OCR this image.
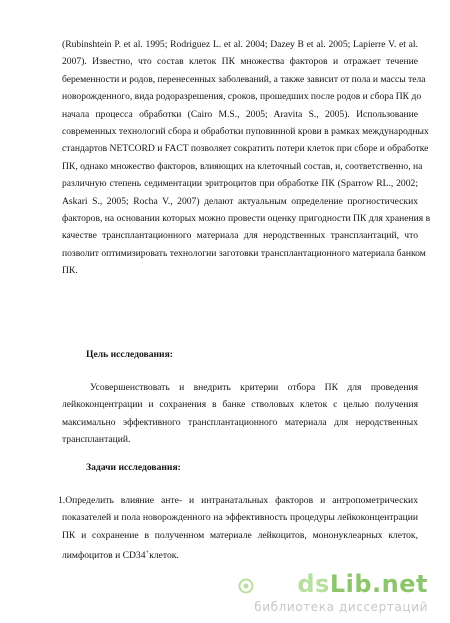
(Rubinshtein P. et al. 1995; Rodriguez L. et al. 2004; Dazey B et al. 2005; Lapierre V. et al.
2007). Известно, что состав клеток ПК множества факторов и отражает течение
беременности и родов, перенесенных заболеваний, а также зависит от пола и массы тела
новорожденного, вида родоразрешения, сроков, прошедших после родов и сбора ПК до
начала процесса обработки (Cairo M.S., 2005; Aravita S., 2005). Использование
современных технологий сбора и обработки пуповинной крови в рамках международных
стандартов NETCORD и FACT позволяет сократить потери клеток при сборе и обработке
ПК, однако множество факторов, влияющих на клеточный состав, и, соответственно, на
различную степень седиментации эритроцитов при обработке ПК (Sparrow RL., 2002;
Askari S., 2005; Rocha V., 2007) делают актуальным определение прогностических
факторов, на основании которых можно провести оценку пригодности ПК для хранения в
качестве трансплантационного материала для неродственных трансплантаций, что
позволит оптимизировать технологии заготовки трансплантационного материала банком
ПК.
Цель исследования:
Усовершенствовать и внедрить критерии отбора ПК для проведения
лейкоконцентрации и сохранения в банке стволовых клеток с целью получения
максимально эффективного трансплантационного материала для неродственных
трансплантаций.
Задачи исследования:
1.Определить влияние анте- и интранатальных факторов и антропометрических
показателей и пола новорожденного на эффективность процедуры лейкоконцентрации
ПК и сохранение в полученном материале лейкоцитов, мононуклеарных клеток,
лимфоцитов и CD34+клеток.
dsLib.net
библиотека диссертаций
